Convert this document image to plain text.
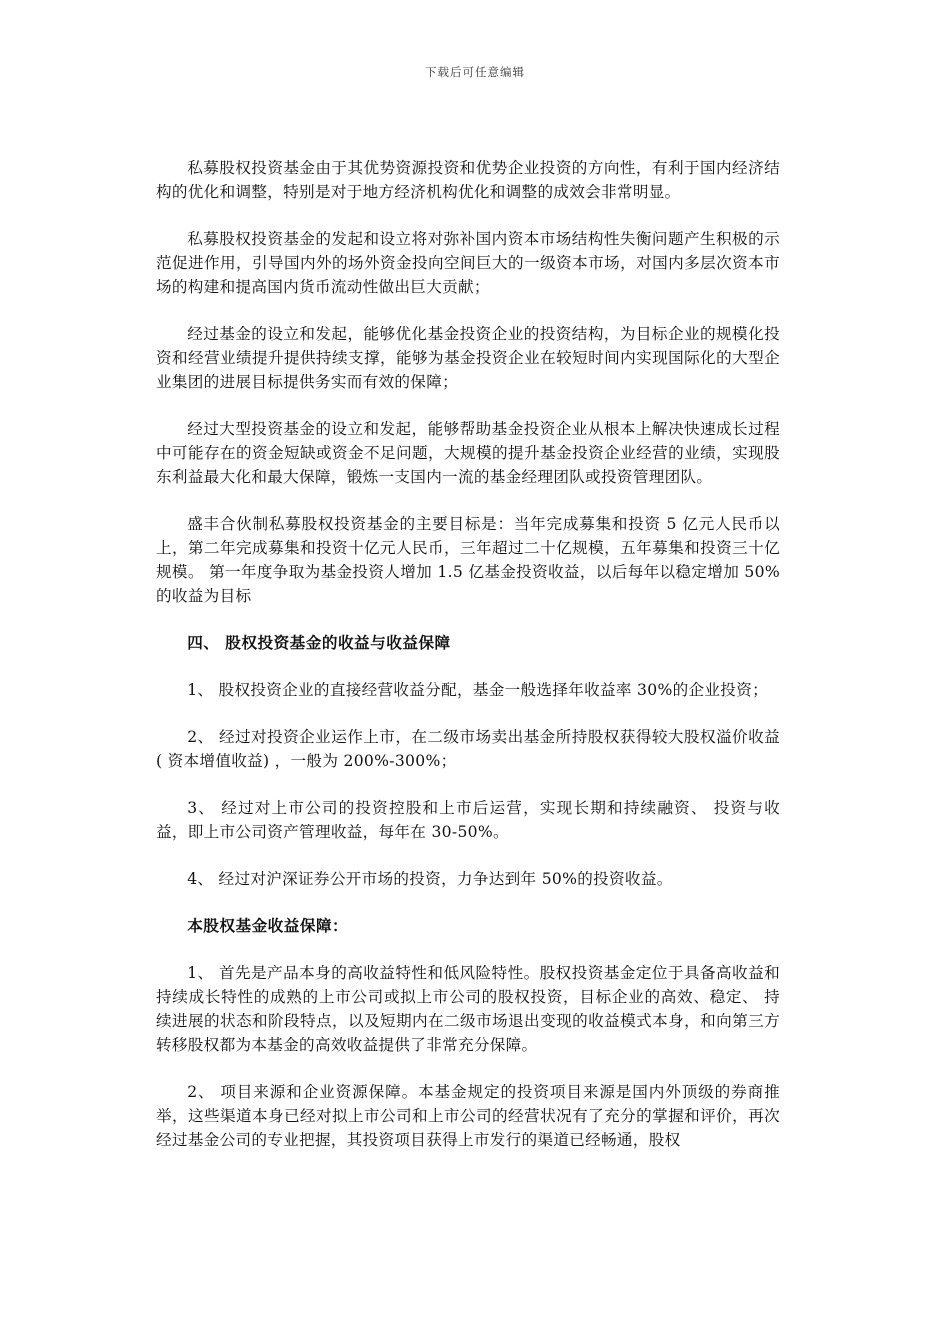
下载后可任意编辑

私募股权投资基金由于其优势资源投资和优势企业投资的方向性，有利于国内经济结构的优化和调整，特别是对于地方经济机构优化和调整的成效会非常明显。

私募股权投资基金的发起和设立将对弥补国内资本市场结构性失衡问题产生积极的示范促进作用，引导国内外的场外资金投向空间巨大的一级资本市场，对国内多层次资本市场的构建和提高国内货币流动性做出巨大贡献；

经过基金的设立和发起，能够优化基金投资企业的投资结构，为目标企业的规模化投资和经营业绩提升提供持续支撑，能够为基金投资企业在较短时间内实现国际化的大型企业集团的进展目标提供务实而有效的保障；

经过大型投资基金的设立和发起，能够帮助基金投资企业从根本上解决快速成长过程中可能存在的资金短缺或资金不足问题，大规模的提升基金投资企业经营的业绩，实现股东利益最大化和最大保障，锻炼一支国内一流的基金经理团队或投资管理团队。

盛丰合伙制私募股权投资基金的主要目标是：当年完成募集和投资 5 亿元人民币以上，第二年完成募集和投资十亿元人民币，三年超过二十亿规模，五年募集和投资三十亿规模。 第一年度争取为基金投资人增加 1.5 亿基金投资收益，以后每年以稳定增加 50%的收益为目标

四、 股权投资基金的收益与收益保障

1、 股权投资企业的直接经营收益分配，基金一般选择年收益率 30%的企业投资；

2、 经过对投资企业运作上市，在二级市场卖出基金所持股权获得较大股权溢价收益( 资本增值收益) ，一般为 200%-300%；

3、 经过对上市公司的投资控股和上市后运营，实现长期和持续融资、 投资与收益，即上市公司资产管理收益，每年在 30-50%。

4、 经过对沪深证券公开市场的投资，力争达到年 50%的投资收益。

本股权基金收益保障：

1、 首先是产品本身的高收益特性和低风险特性。股权投资基金定位于具备高收益和持续成长特性的成熟的上市公司或拟上市公司的股权投资，目标企业的高效、稳定、 持续进展的状态和阶段特点，以及短期内在二级市场退出变现的收益模式本身，和向第三方转移股权都为本基金的高效收益提供了非常充分保障。

2、 项目来源和企业资源保障。本基金规定的投资项目来源是国内外顶级的券商推举，这些渠道本身已经对拟上市公司和上市公司的经营状况有了充分的掌握和评价，再次经过基金公司的专业把握，其投资项目获得上市发行的渠道已经畅通，股权
